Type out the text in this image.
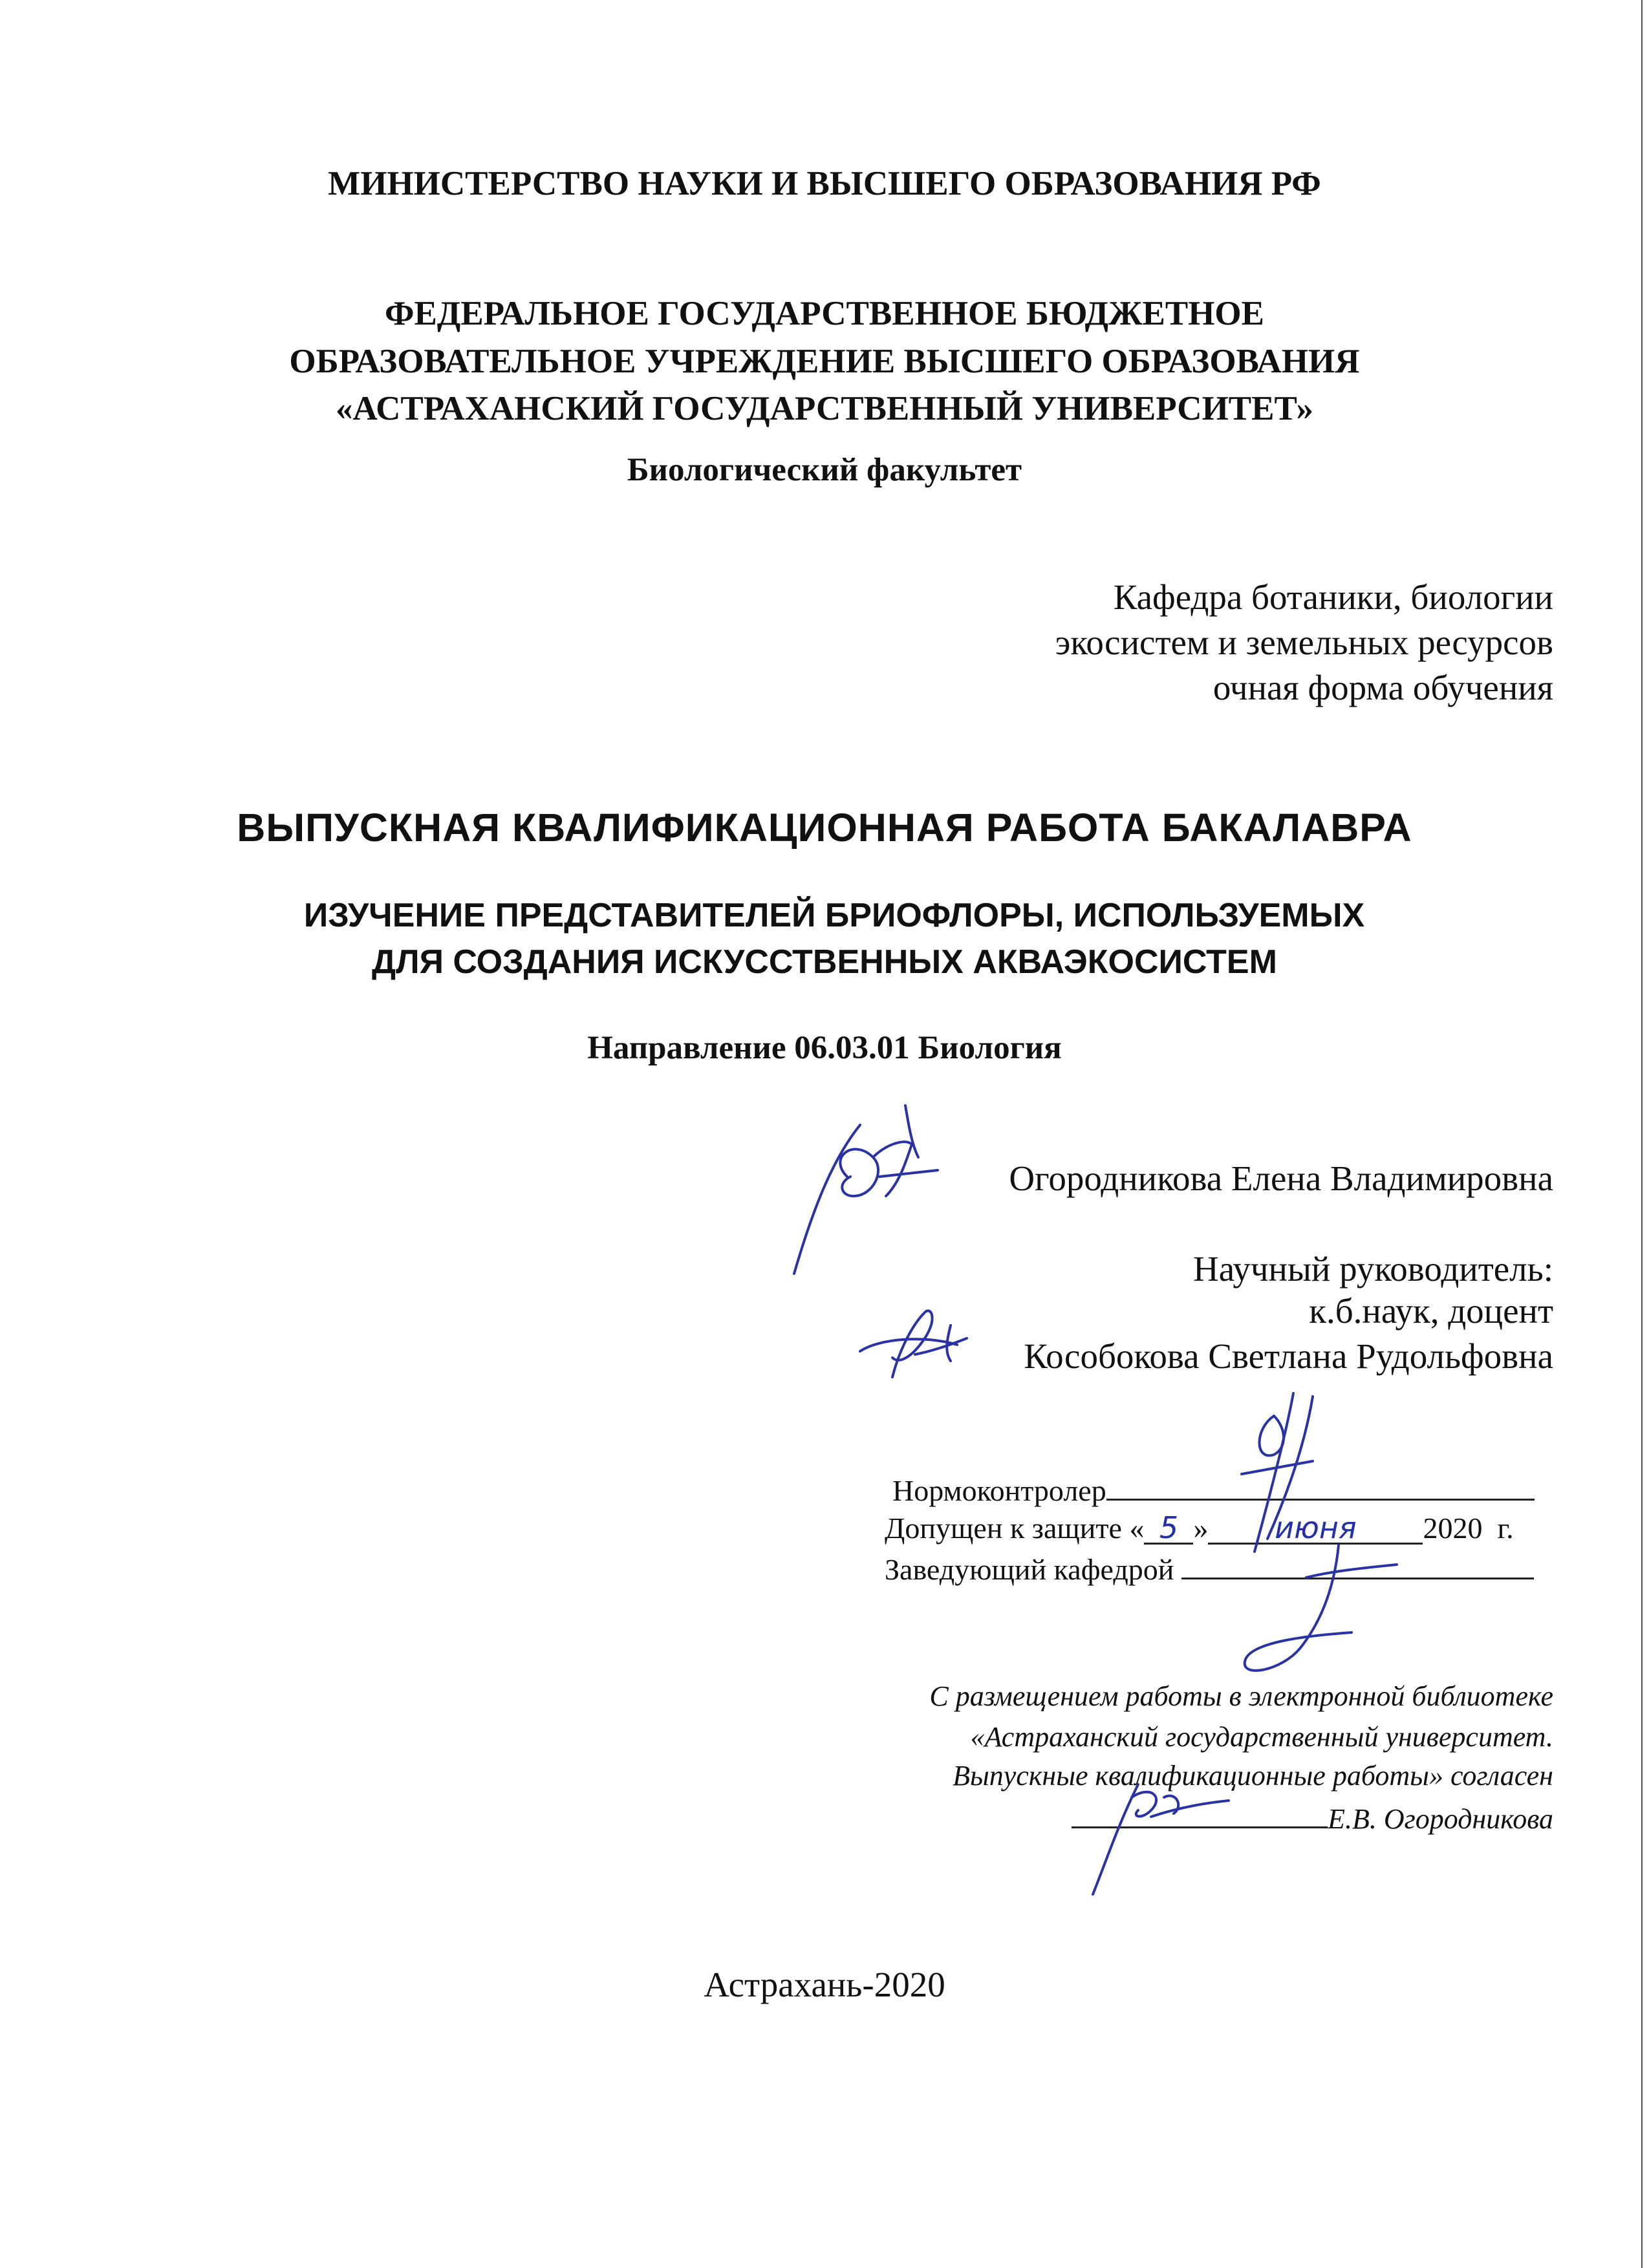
МИНИСТЕРСТВО НАУКИ И ВЫСШЕГО ОБРАЗОВАНИЯ РФ
ФЕДЕРАЛЬНОЕ ГОСУДАРСТВЕННОЕ БЮДЖЕТНОЕ
ОБРАЗОВАТЕЛЬНОЕ УЧРЕЖДЕНИЕ ВЫСШЕГО ОБРАЗОВАНИЯ
«АСТРАХАНСКИЙ ГОСУДАРСТВЕННЫЙ УНИВЕРСИТЕТ»
Биологический факультет
Кафедра ботаники, биологии
экосистем и земельных ресурсов
очная форма обучения
ВЫПУСКНАЯ КВАЛИФИКАЦИОННАЯ РАБОТА БАКАЛАВРА
ИЗУЧЕНИЕ ПРЕДСТАВИТЕЛЕЙ БРИОФЛОРЫ, ИСПОЛЬЗУЕМЫХ
ДЛЯ СОЗДАНИЯ ИСКУССТВЕННЫХ АКВАЭКОСИСТЕМ
Направление 06.03.01 Биология
Огородникова Елена Владимировна
Научный руководитель:
к.б.наук, доцент
Кособокова Светлана Рудольфовна
Нормоконтролер
Допущен к защите « 5 » июня 2020 г.
Заведующий кафедрой
С размещением работы в электронной библиотеке
«Астраханский государственный университет.
Выпускные квалификационные работы» согласен
Е.В. Огородникова
Астрахань-2020
